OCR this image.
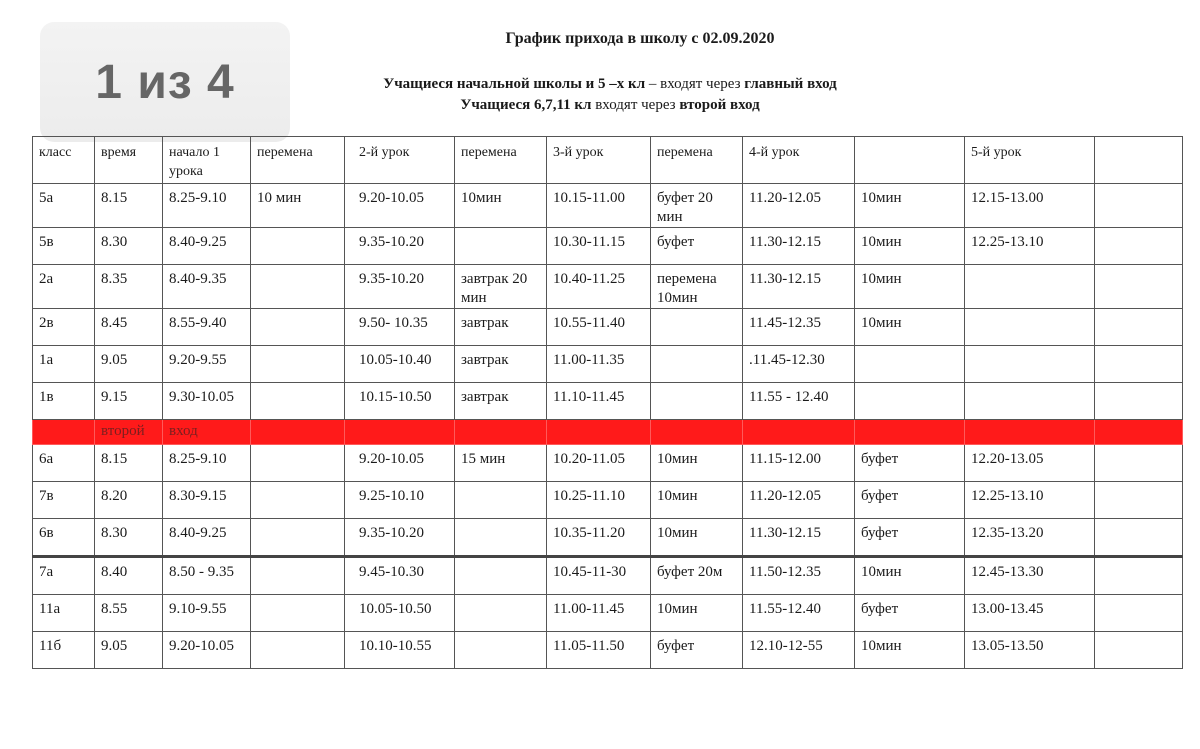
1 из 4
График прихода в школу с 02.09.2020
Учащиеся начальной школы и 5 –х кл – входят через главный вход
Учащиеся 6,7,11 кл входят через второй вход
класс	время	начало 1 урока	перемена	2-й урок	перемена	3-й урок	перемена	4-й урок		5-й урок	
5а	8.15	8.25-9.10	10 мин	9.20-10.05	10мин	10.15-11.00	буфет 20 мин	11.20-12.05	10мин	12.15-13.00	
5в	8.30	8.40-9.25		9.35-10.20		10.30-11.15	буфет	11.30-12.15	10мин	12.25-13.10	
2а	8.35	8.40-9.35		9.35-10.20	завтрак 20 мин	10.40-11.25	перемена 10мин	11.30-12.15	10мин		
2в	8.45	8.55-9.40		9.50- 10.35	завтрак	10.55-11.40		11.45-12.35	10мин		
1а	9.05	9.20-9.55		10.05-10.40	завтрак	11.00-11.35		.11.45-12.30			
1в	9.15	9.30-10.05		10.15-10.50	завтрак	11.10-11.45		11.55 - 12.40			
	второй	вход									
6а	8.15	8.25-9.10		9.20-10.05	15 мин	10.20-11.05	10мин	11.15-12.00	буфет	12.20-13.05	
7в	8.20	8.30-9.15		9.25-10.10		10.25-11.10	10мин	11.20-12.05	буфет	12.25-13.10	
6в	8.30	8.40-9.25		9.35-10.20		10.35-11.20	10мин	11.30-12.15	буфет	12.35-13.20	
7а	8.40	8.50 - 9.35		9.45-10.30		10.45-11-30	буфет 20м	11.50-12.35	10мин	12.45-13.30	
11а	8.55	9.10-9.55		10.05-10.50		11.00-11.45	10мин	11.55-12.40	буфет	13.00-13.45	
11б	9.05	9.20-10.05		10.10-10.55		11.05-11.50	буфет	12.10-12-55	10мин	13.05-13.50	
